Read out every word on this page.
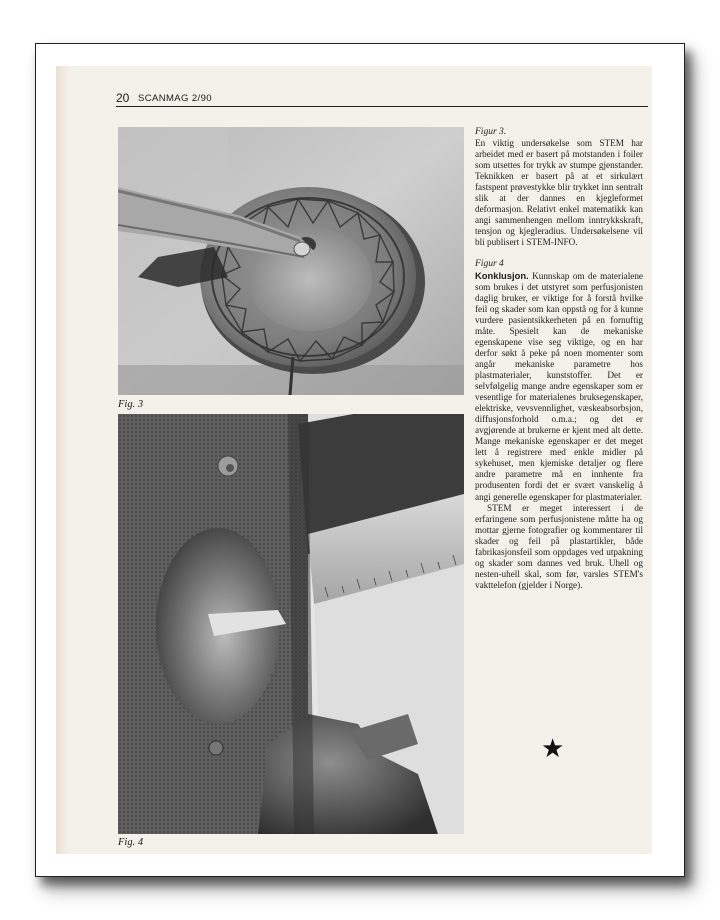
20 SCANMAG 2/90
Fig. 3
Fig. 4

Figur 3.

En viktig undersøkelse som STEM har arbeidet med er basert på motstanden i foiler som utsettes for trykk av stumpe gjenstander. Teknikken er basert på at et sirkulært fastspent prøvestykke blir trykket inn sentralt slik at der dannes en kjegleformet deformasjon. Relativt enkel matematikk kan angi sammenhengen mellom inntrykkskraft, tensjon og kjegleradius. Undersøkelsene vil bli publisert i STEM-INFO.

Figur 4

Konklusjon. Kunnskap om de materialene som brukes i det utstyret som perfusjonisten daglig bruker, er viktige for å forstå hvilke feil og skader som kan oppstå og for å kunne vurdere pasientsikkerheten på en fornuftig måte. Spesielt kan de mekaniske egenskapene vise seg viktige, og en har derfor søkt å peke på noen momenter som angår mekaniske parametre hos plastmaterialer, kunststoffer. Det er selvfølgelig mange andre egenskaper som er vesentlige for materialenes bruksegenskaper, elektriske, vevsvennlighet, væskeabsorbsjon, diffusjonsforhold o.m.a.; og det er avgjørende at brukerne er kjent med alt dette. Mange mekaniske egenskaper er det meget lett å registrere med enkle midler på sykehuset, men kjemiske detaljer og flere andre parametre må en innhente fra produsenten fordi det er svært vanskelig å angi generelle egenskaper for plastmaterialer.

STEM er meget interessert i de erfaringene som perfusjonistene måtte ha og mottar gjerne fotografier og kommentarer til skader og feil på plastartikler, både fabrikasjonsfeil som oppdages ved utpakning og skader som dannes ved bruk. Uhell og nesten-uhell skal, som før, varsles STEM's vakttelefon (gjelder i Norge).

★
